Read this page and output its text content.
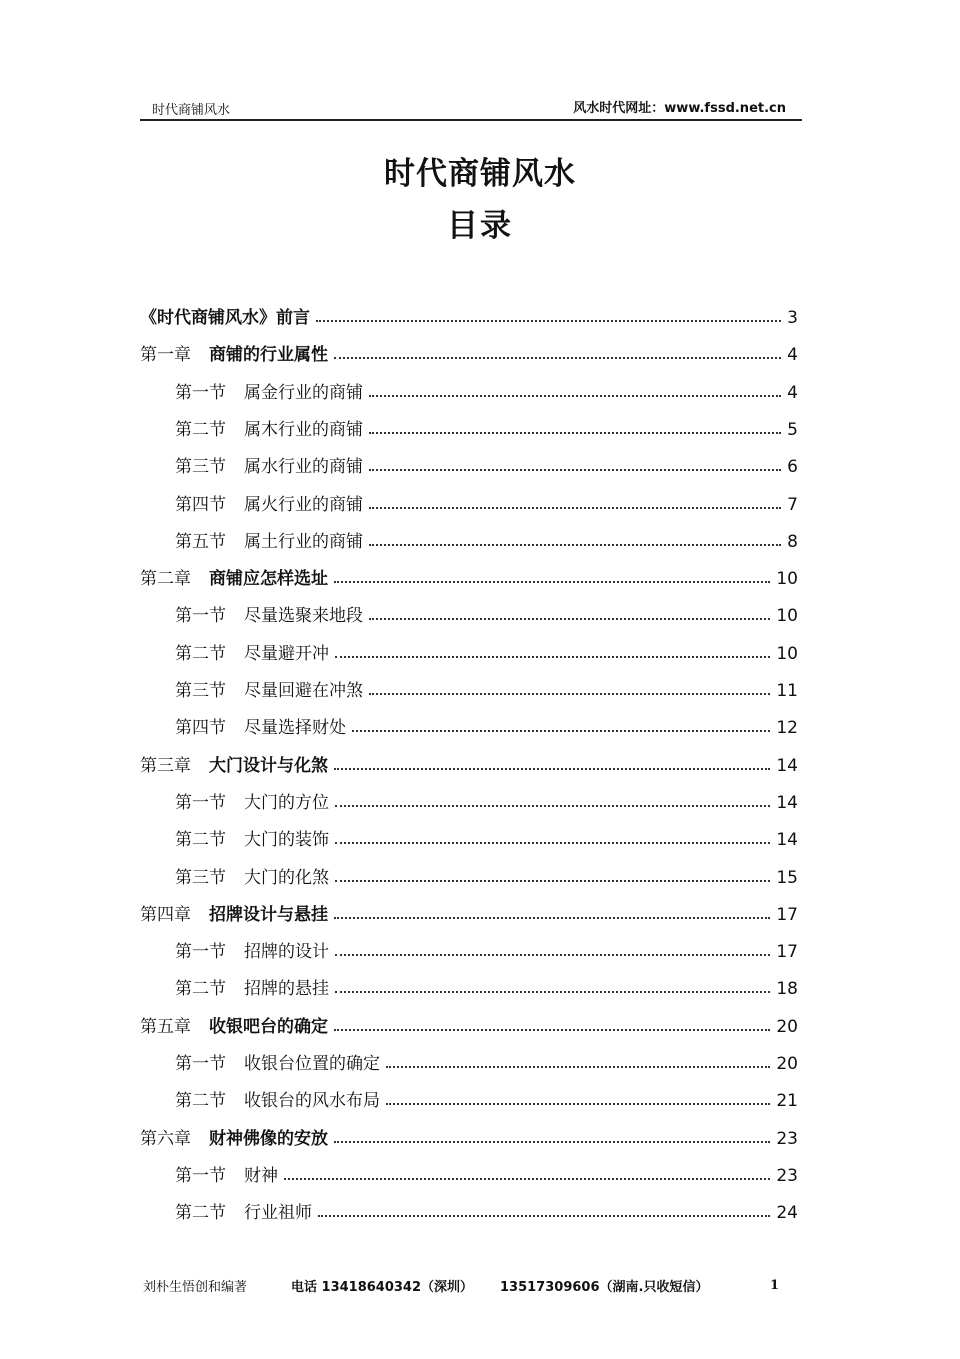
时代商铺风水	风水时代网址：www.fssd.net.cn
时代商铺风水
目录
《时代商铺风水》前言	3
第一章 商铺的行业属性	4
第一节 属金行业的商铺	4
第二节 属木行业的商铺	5
第三节 属水行业的商铺	6
第四节 属火行业的商铺	7
第五节 属土行业的商铺	8
第二章 商铺应怎样选址	10
第一节 尽量选聚来地段	10
第二节 尽量避开冲	10
第三节 尽量回避在冲煞	11
第四节 尽量选择财处	12
第三章 大门设计与化煞	14
第一节 大门的方位	14
第二节 大门的装饰	14
第三节 大门的化煞	15
第四章 招牌设计与悬挂	17
第一节 招牌的设计	17
第二节 招牌的悬挂	18
第五章 收银吧台的确定	20
第一节 收银台位置的确定	20
第二节 收银台的风水布局	21
第六章 财神佛像的安放	23
第一节 财神	23
第二节 行业祖师	24
刘朴生悟创和编著	电话 13418640342（深圳） 13517309606（湖南.只收短信）	1
